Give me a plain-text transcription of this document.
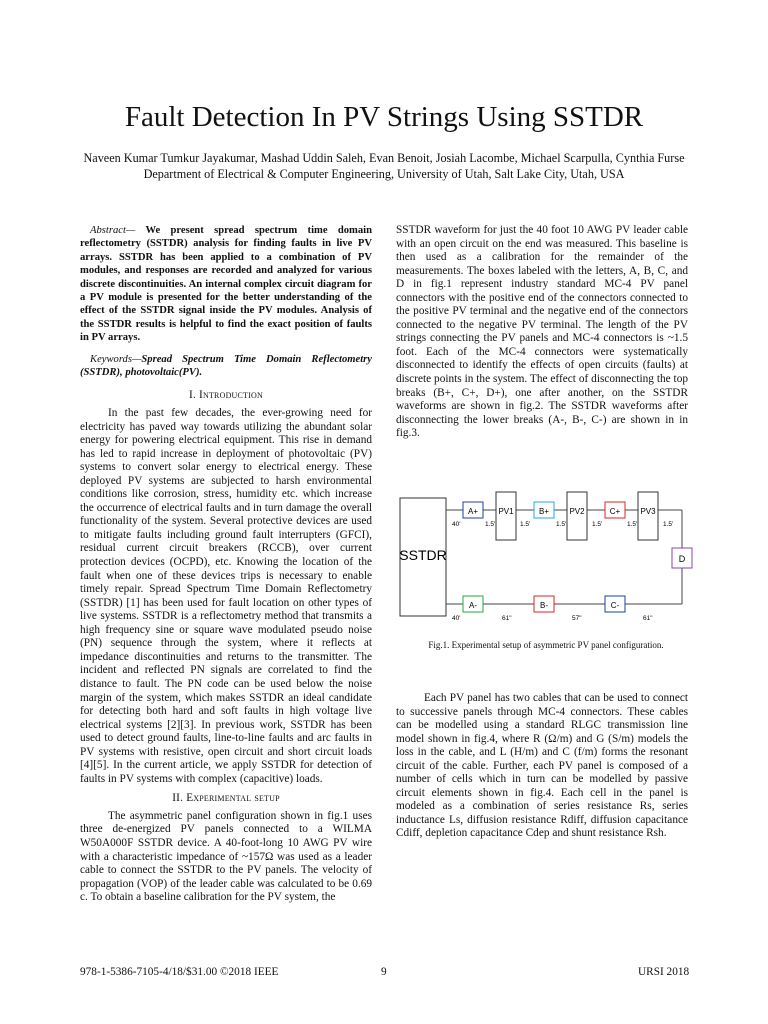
Fault Detection In PV Strings Using SSTDR
Naveen Kumar Tumkur Jayakumar, Mashad Uddin Saleh, Evan Benoit, Josiah Lacombe, Michael Scarpulla, Cynthia Furse
Department of Electrical & Computer Engineering, University of Utah, Salt Lake City, Utah, USA

Abstract— We present spread spectrum time domain reflectometry (SSTDR) analysis for finding faults in live PV arrays. SSTDR has been applied to a combination of PV modules, and responses are recorded and analyzed for various discrete discontinuities. An internal complex circuit diagram for a PV module is presented for the better understanding of the effect of the SSTDR signal inside the PV modules. Analysis of the SSTDR results is helpful to find the exact position of faults in PV arrays.

Keywords—Spread Spectrum Time Domain Reflectometry (SSTDR), photovoltaic(PV).

I. Introduction

In the past few decades, the ever-growing need for electricity has paved way towards utilizing the abundant solar energy for powering electrical equipment. This rise in demand has led to rapid increase in deployment of photovoltaic (PV) systems to convert solar energy to electrical energy. These deployed PV systems are subjected to harsh environmental conditions like corrosion, stress, humidity etc. which increase the occurrence of electrical faults and in turn damage the overall functionality of the system. Several protective devices are used to mitigate faults including ground fault interrupters (GFCI), residual current circuit breakers (RCCB), over current protection devices (OCPD), etc. Knowing the location of the fault when one of these devices trips is necessary to enable timely repair. Spread Spectrum Time Domain Reflectometry (SSTDR) [1] has been used for fault location on other types of live systems. SSTDR is a reflectometry method that transmits a high frequency sine or square wave modulated pseudo noise (PN) sequence through the system, where it reflects at impedance discontinuities and returns to the transmitter. The incident and reflected PN signals are correlated to find the distance to fault. The PN code can be used below the noise margin of the system, which makes SSTDR an ideal candidate for detecting both hard and soft faults in high voltage live electrical systems [2][3]. In previous work, SSTDR has been used to detect ground faults, line-to-line faults and arc faults in PV systems with resistive, open circuit and short circuit loads [4][5]. In the current article, we apply SSTDR for detection of faults in PV systems with complex (capacitive) loads.

II. Experimental setup

The asymmetric panel configuration shown in fig.1 uses three de-energized PV panels connected to a WILMA W50A000F SSTDR device. A 40-foot-long 10 AWG PV wire with a characteristic impedance of ~157Ω was used as a leader cable to connect the SSTDR to the PV panels. The velocity of propagation (VOP) of the leader cable was calculated to be 0.69 c. To obtain a baseline calibration for the PV system, the

SSTDR waveform for just the 40 foot 10 AWG PV leader cable with an open circuit on the end was measured. This baseline is then used as a calibration for the remainder of the measurements. The boxes labeled with the letters, A, B, C, and D in fig.1 represent industry standard MC-4 PV panel connectors with the positive end of the connectors connected to the positive PV terminal and the negative end of the connectors connected to the negative PV terminal. The length of the PV strings connecting the PV panels and MC-4 connectors is ~1.5 foot. Each of the MC-4 connectors were systematically disconnected to identify the effects of open circuits (faults) at discrete points in the system. The effect of disconnecting the top breaks (B+, C+, D+), one after another, on the SSTDR waveforms are shown in fig.2. The SSTDR waveforms after disconnecting the lower breaks (A-, B-, C-) are shown in in fig.3.

SSTDR
A+	PV1	B+	PV2	C+	PV3
D
A-	B-	C-
40'	1.5'	1.5'	1.5'	1.5'	1.5'	1.5'
40'	61"	57"	61"
Fig.1. Experimental setup of asymmetric PV panel configuration.

Each PV panel has two cables that can be used to connect to successive panels through MC-4 connectors. These cables can be modelled using a standard RLGC transmission line model shown in fig.4, where R (Ω/m) and G (S/m) models the loss in the cable, and L (H/m) and C (f/m) forms the resonant circuit of the cable. Further, each PV panel is composed of a number of cells which in turn can be modelled by passive circuit elements shown in fig.4. Each cell in the panel is modeled as a combination of series resistance Rs, series inductance Ls, diffusion resistance Rdiff, diffusion capacitance Cdiff, depletion capacitance Cdep and shunt resistance Rsh.

978-1-5386-7105-4/18/$31.00 ©2018 IEEE	9	URSI 2018
